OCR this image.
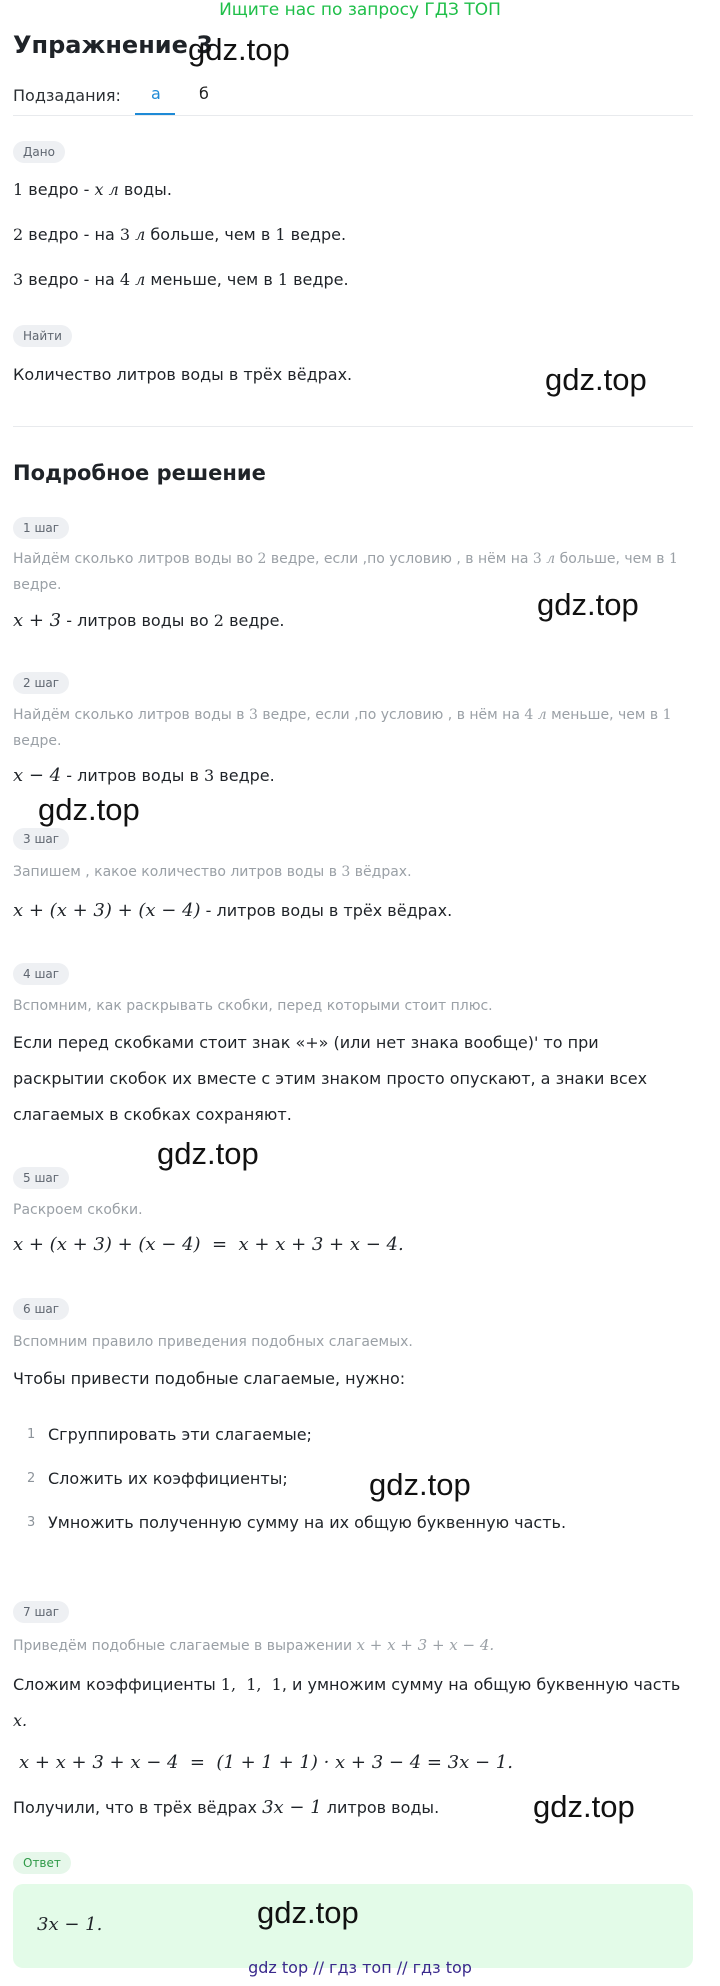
Ищите нас по запросу ГДЗ ТОП
Упражнение 3
gdz.top
Подзадания: а б
Дано
1 ведро - x л воды.
2 ведро - на 3 л больше, чем в 1 ведре.
3 ведро - на 4 л меньше, чем в 1 ведре.
Найти
Количество литров воды в трёх вёдрах.	gdz.top
Подробное решение
1 шаг
Найдём сколько литров воды во 2 ведре, если ,по условию , в нём на 3 л больше, чем в 1
ведре.
x + 3 - литров воды во 2 ведре.	gdz.top
2 шаг
Найдём сколько литров воды в 3 ведре, если ,по условию , в нём на 4 л меньше, чем в 1
ведре.
x − 4 - литров воды в 3 ведре.
gdz.top
3 шаг
Запишем , какое количество литров воды в 3 вёдрах.
x + (x + 3) + (x − 4) - литров воды в трёх вёдрах.
4 шаг
Вспомним, как раскрывать скобки, перед которыми стоит плюс.
Если перед скобками стоит знак «+» (или нет знака вообще)' то при
раскрытии скобок их вместе с этим знаком просто опускают, а знаки всех
слагаемых в скобках сохраняют.
gdz.top
5 шаг
Раскроем скобки.
x + (x + 3) + (x − 4)  =  x + x + 3 + x − 4.
6 шаг
Вспомним правило приведения подобных слагаемых.
Чтобы привести подобные слагаемые, нужно:
1 Сгруппировать эти слагаемые;
2 Сложить их коэффициенты;
3 Умножить полученную сумму на их общую буквенную часть.
gdz.top
7 шаг
Приведём подобные слагаемые в выражении x + x + 3 + x − 4.
Сложим коэффициенты 1,  1,  1, и умножим сумму на общую буквенную часть
x.
x + x + 3 + x − 4  =  (1 + 1 + 1) · x + 3 − 4 = 3x − 1.
Получили, что в трёх вёдрах 3x − 1 литров воды.	gdz.top
Ответ
3x − 1.	gdz.top
gdz top // гдз топ // гдз top
